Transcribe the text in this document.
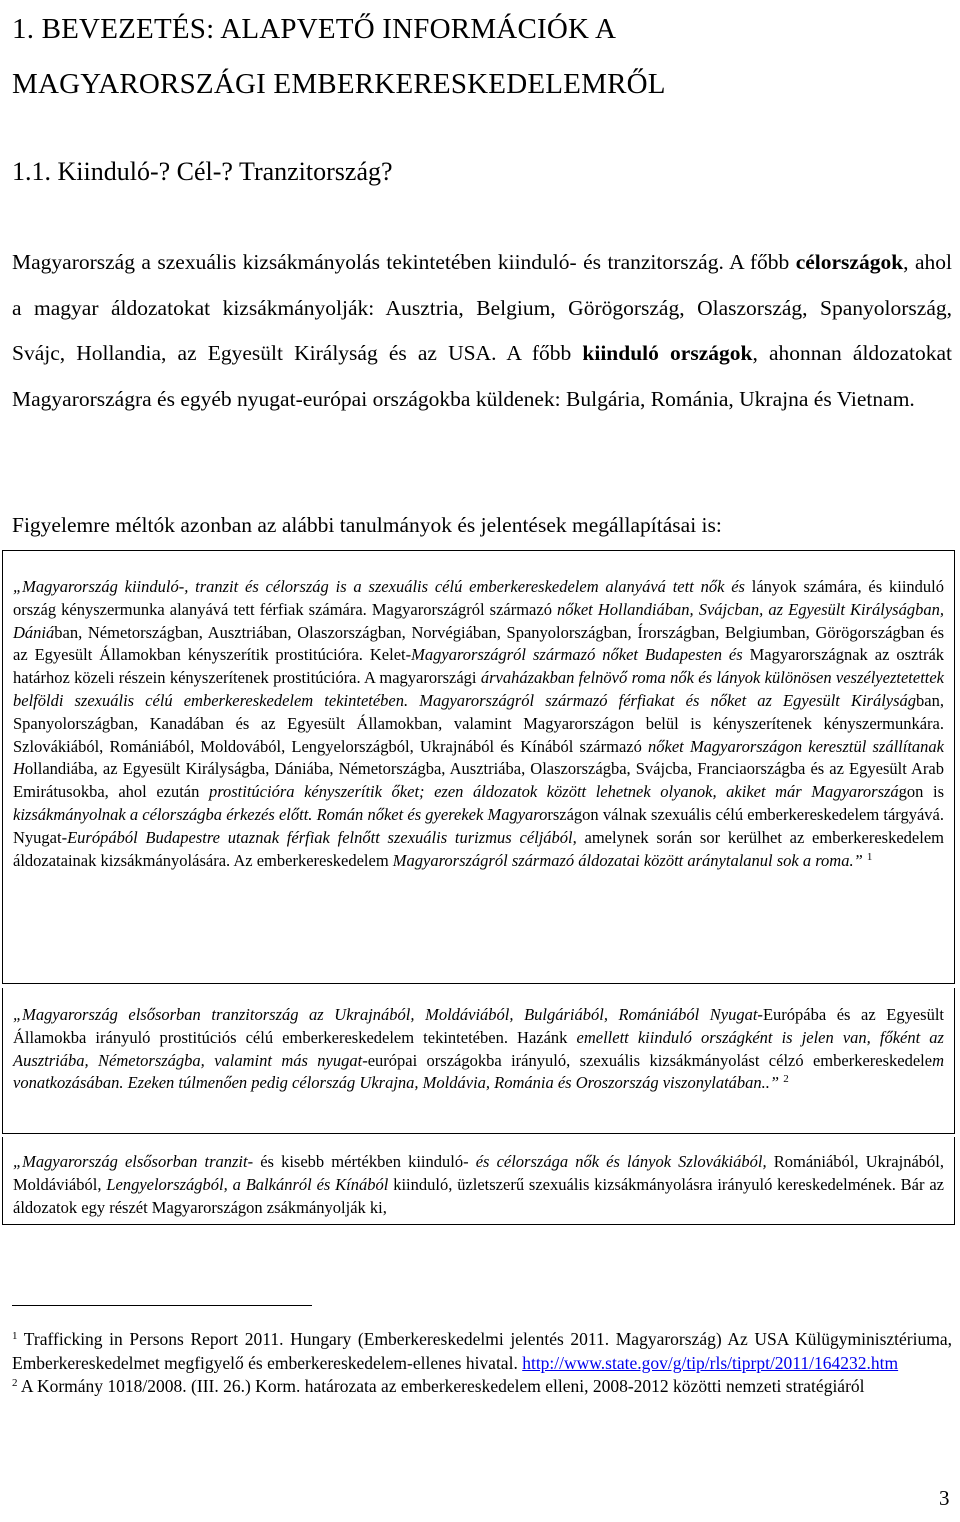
1. BEVEZETÉS: ALAPVETŐ INFORMÁCIÓK A
MAGYARORSZÁGI EMBERKERESKEDELEMRŐL
1.1. Kiinduló-? Cél-? Tranzitország?

Magyarország a szexuális kizsákmányolás tekintetében kiinduló- és tranzitország. A főbb célországok, ahol a magyar áldozatokat kizsákmányolják: Ausztria, Belgium, Görögország, Olaszország, Spanyolország, Svájc, Hollandia, az Egyesült Királyság és az USA. A főbb kiinduló országok, ahonnan áldozatokat Magyarországra és egyéb nyugat-európai országokba küldenek: Bulgária, Románia, Ukrajna és Vietnam.

Figyelemre méltók azonban az alábbi tanulmányok és jelentések megállapításai is:

„Magyarország kiinduló-, tranzit és célország is a szexuális célú emberkereskedelem alanyává tett nők és lányok számára, és kiinduló ország kényszermunka alanyává tett férfiak számára. Magyarországról származó nőket Hollandiában, Svájcban, az Egyesült Királyságban, Dániában, Németországban, Ausztriában, Olaszországban, Norvégiában, Spanyolországban, Írországban, Belgiumban, Görögországban és az Egyesült Államokban kényszerítik prostitúcióra. Kelet-Magyarországról származó nőket Budapesten és Magyarországnak az osztrák határhoz közeli részein kényszerítenek prostitúcióra. A magyarországi árvaházakban felnövő roma nők és lányok különösen veszélyeztetettek belföldi szexuális célú emberkereskedelem tekintetében. Magyarországról származó férfiakat és nőket az Egyesült Királyságban, Spanyolországban, Kanadában és az Egyesült Államokban, valamint Magyarországon belül is kényszerítenek kényszermunkára. Szlovákiából, Romániából, Moldovából, Lengyelországból, Ukrajnából és Kínából származó nőket Magyarországon keresztül szállítanak Hollandiába, az Egyesült Királyságba, Dániába, Németországba, Ausztriába, Olaszországba, Svájcba, Franciaországba és az Egyesült Arab Emirátusokba, ahol ezután prostitúcióra kényszerítik őket; ezen áldozatok között lehetnek olyanok, akiket már Magyarországon is kizsákmányolnak a célországba érkezés előtt. Román nőket és gyerekek Magyarországon válnak szexuális célú emberkereskedelem tárgyává. Nyugat-Európából Budapestre utaznak férfiak felnőtt szexuális turizmus céljából, amelynek során sor kerülhet az emberkereskedelem áldozatainak kizsákmányolására. Az emberkereskedelem Magyarországról származó áldozatai között aránytalanul sok a roma.” $^1$

„Magyarország elsősorban tranzitország az Ukrajnából, Moldáviából, Bulgáriából, Romániából Nyugat-Európába és az Egyesült Államokba irányuló prostitúciós célú emberkereskedelem tekintetében. Hazánk emellett kiinduló országként is jelen van, főként az Ausztriába, Németországba, valamint más nyugat-európai országokba irányuló, szexuális kizsákmányolást célzó emberkereskedelem vonatkozásában. Ezeken túlmenően pedig célország Ukrajna, Moldávia, Románia és Oroszország viszonylatában..” $^2$

„Magyarország elsősorban tranzit- és kisebb mértékben kiinduló- és célországa nők és lányok Szlovákiából, Romániából, Ukrajnából, Moldáviából, Lengyelországból, a Balkánról és Kínából kiinduló, üzletszerű szexuális kizsákmányolásra irányuló kereskedelmének. Bár az áldozatok egy részét Magyarországon zsákmányolják ki,

$^1$ Trafficking in Persons Report 2011. Hungary (Emberkereskedelmi jelentés 2011. Magyarország) Az USA Külügyminisztériuma, Emberkereskedelmet megfigyelő és emberkereskedelem-ellenes hivatal. http://www.state.gov/g/tip/rls/tiprpt/2011/164232.htm

$^2$ A Kormány 1018/2008. (III. 26.) Korm. határozata az emberkereskedelem elleni, 2008-2012 közötti nemzeti stratégiáról

3
